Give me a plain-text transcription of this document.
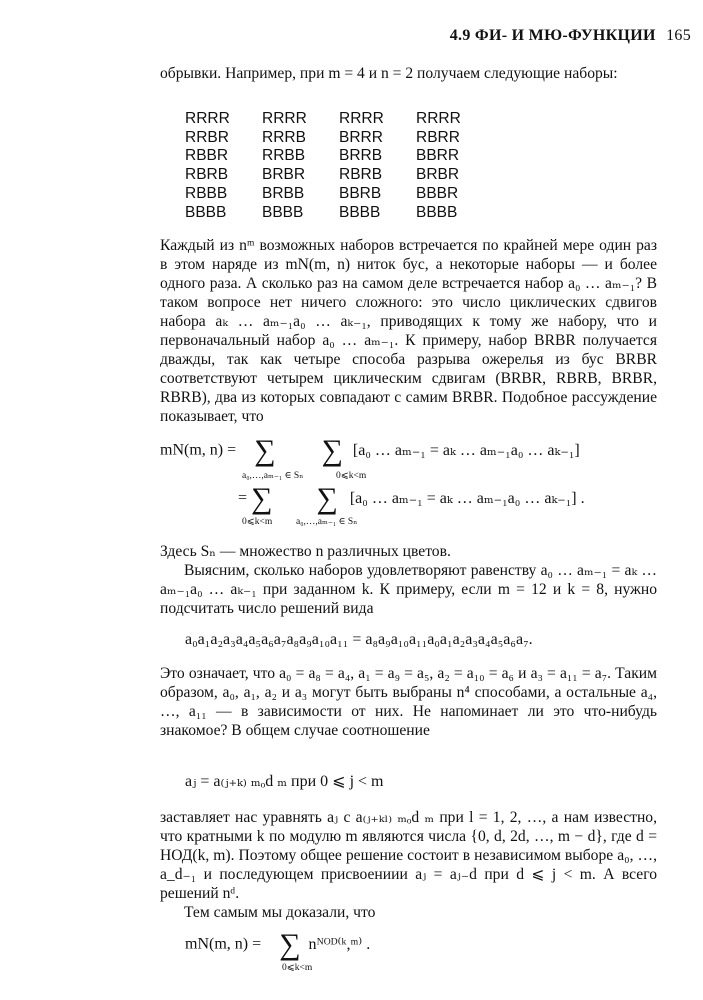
4.9 ФИ- И МЮ-ФУНКЦИИ 165
обрывки. Например, при m = 4 и n = 2 получаем следующие наборы:
RRRR	RRRR	RRRR	RRRR
RRBR	RRRB	BRRR	RBRR
RBBR	RRBB	BRRB	BBRR
RBRB	BRBR	RBRB	BRBR
RBBB	BRBB	BBRB	BBBR
BBBB	BBBB	BBBB	BBBB
Каждый из nᵐ возможных наборов встречается по крайней мере один раз в этом наряде из mN(m, n) ниток бус, а некоторые наборы — и более одного раза. А сколько раз на самом деле встречается набор a₀ … aₘ₋₁? В таком вопросе нет ничего сложного: это число циклических сдвигов набора aₖ … aₘ₋₁a₀ … aₖ₋₁, приводящих к тому же набору, что и первоначальный набор a₀ … aₘ₋₁. К примеру, набор BRBR получается дважды, так как четыре способа разрыва ожерелья из бус BRBR соответствуют четырем циклическим сдвигам (BRBR, RBRB, BRBR, RBRB), два из которых совпадают с самим BRBR. Подобное рассуждение показывает, что
mN(m, n) = ∑ ∑ [a₀ … aₘ₋₁ = aₖ … aₘ₋₁a₀ … aₖ₋₁]
a₀,…,aₘ₋₁ ∈ Sₙ	0⩽k<m
= ∑ ∑ [a₀ … aₘ₋₁ = aₖ … aₘ₋₁a₀ … aₖ₋₁] .
0⩽k<m	a₀,…,aₘ₋₁ ∈ Sₙ
Здесь Sₙ — множество n различных цветов.
Выясним, сколько наборов удовлетворяют равенству a₀ … aₘ₋₁ = aₖ … aₘ₋₁a₀ … aₖ₋₁ при заданном k. К примеру, если m = 12 и k = 8, нужно подсчитать число решений вида
a₀a₁a₂a₃a₄a₅a₆a₇a₈a₉a₁₀a₁₁ = a₈a₉a₁₀a₁₁a₀a₁a₂a₃a₄a₅a₆a₇.
Это означает, что a₀ = a₈ = a₄, a₁ = a₉ = a₅, a₂ = a₁₀ = a₆ и a₃ = a₁₁ = a₇. Таким образом, a₀, a₁, a₂ и a₃ могут быть выбраны n⁴ способами, а остальные a₄, …, a₁₁ — в зависимости от них. Не напоминает ли это что-нибудь знакомое? В общем случае соотношение
aⱼ = a₍ⱼ₊ₖ₎ ₘₒd ₘ при 0 ⩽ j < m
заставляет нас уравнять aⱼ с a₍ⱼ₊ₖₗ₎ ₘₒd ₘ при l = 1, 2, …, а нам известно, что кратными k по модулю m являются числа {0, d, 2d, …, m − d}, где d = НОД(k, m). Поэтому общее решение состоит в независимом выборе a₀, …, a_d₋₁ и последующем присвоениии aⱼ = aⱼ₋d при d ⩽ j < m. А всего решений nᵈ.
Тем самым мы доказали, что
mN(m, n) = ∑ nᴺᴼᴰ⁽ᵏ,ᵐ⁾ .
0⩽k<m
